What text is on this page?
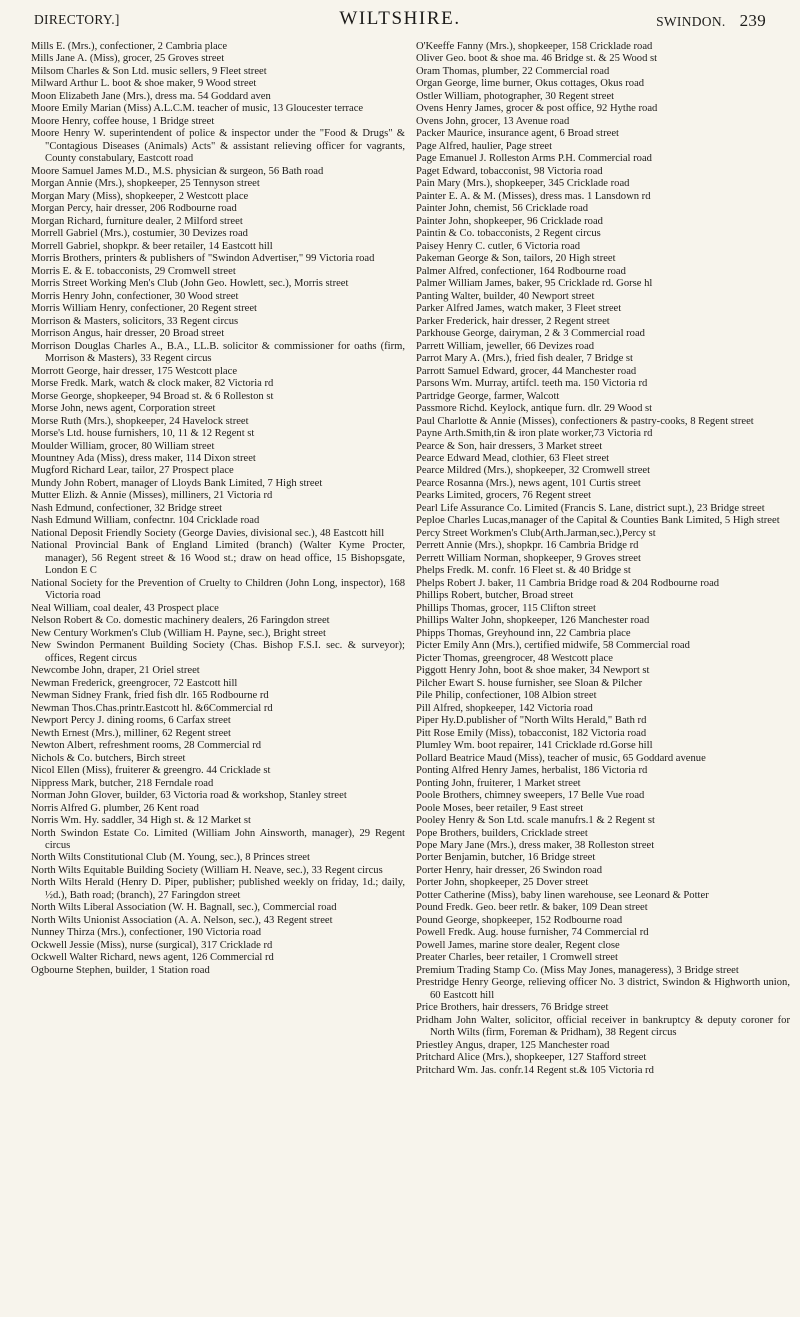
DIRECTORY.]	WILTSHIRE.	SWINDON. 239
Mills E. (Mrs.), confectioner, 2 Cambria place
Mills Jane A. (Miss), grocer, 25 Groves street
Milsom Charles & Son Ltd. music sellers, 9 Fleet street
Milward Arthur L. boot & shoe maker, 9 Wood street
Moon Elizabeth Jane (Mrs.), dress ma. 54 Goddard aven
Moore Emily Marian (Miss) A.L.C.M. teacher of music, 13 Gloucester terrace
Moore Henry, coffee house, 1 Bridge street
Moore Henry W. superintendent of police & inspector under the "Food & Drugs" & "Contagious Diseases (Animals) Acts" & assistant relieving officer for vagrants, County constabulary, Eastcott road
Moore Samuel James M.D., M.S. physician & surgeon, 56 Bath road
Morgan Annie (Mrs.), shopkeeper, 25 Tennyson street
Morgan Mary (Miss), shopkeeper, 2 Westcott place
Morgan Percy, hair dresser, 206 Rodbourne road
Morgan Richard, furniture dealer, 2 Milford street
Morrell Gabriel (Mrs.), costumier, 30 Devizes road
Morrell Gabriel, shopkpr. & beer retailer, 14 Eastcott hill
Morris Brothers, printers & publishers of "Swindon Advertiser," 99 Victoria road
Morris E. & E. tobacconists, 29 Cromwell street
Morris Street Working Men's Club (John Geo. Howlett, sec.), Morris street
Morris Henry John, confectioner, 30 Wood street
Morris William Henry, confectioner, 20 Regent street
Morrison & Masters, solicitors, 33 Regent circus
Morrison Angus, hair dresser, 20 Broad street
Morrison Douglas Charles A., B.A., LL.B. solicitor & commissioner for oaths (firm, Morrison & Masters), 33 Regent circus
Morrott George, hair dresser, 175 Westcott place
Morse Fredk. Mark, watch & clock maker, 82 Victoria rd
Morse George, shopkeeper, 94 Broad st. & 6 Rolleston st
Morse John, news agent, Corporation street
Morse Ruth (Mrs.), shopkeeper, 24 Havelock street
Morse's Ltd. house furnishers, 10, 11 & 12 Regent st
Moulder William, grocer, 80 William street
Mountney Ada (Miss), dress maker, 114 Dixon street
Mugford Richard Lear, tailor, 27 Prospect place
Mundy John Robert, manager of Lloyds Bank Limited, 7 High street
Mutter Elizh. & Annie (Misses), milliners, 21 Victoria rd
Nash Edmund, confectioner, 32 Bridge street
Nash Edmund William, confectnr. 104 Cricklade road
National Deposit Friendly Society (George Davies, divisional sec.), 48 Eastcott hill
National Provincial Bank of England Limited (branch) (Walter Kyme Procter, manager), 56 Regent street & 16 Wood st.; draw on head office, 15 Bishopsgate, London E C
National Society for the Prevention of Cruelty to Children (John Long, inspector), 168 Victoria road
Neal William, coal dealer, 43 Prospect place
Nelson Robert & Co. domestic machinery dealers, 26 Faringdon street
New Century Workmen's Club (William H. Payne, sec.), Bright street
New Swindon Permanent Building Society (Chas. Bishop F.S.I. sec. & surveyor); offices, Regent circus
Newcombe John, draper, 21 Oriel street
Newman Frederick, greengrocer, 72 Eastcott hill
Newman Sidney Frank, fried fish dlr. 165 Rodbourne rd
Newman Thos.Chas.printr.Eastcott hl. &6Commercial rd
Newport Percy J. dining rooms, 6 Carfax street
Newth Ernest (Mrs.), milliner, 62 Regent street
Newton Albert, refreshment rooms, 28 Commercial rd
Nichols & Co. butchers, Birch street
Nicol Ellen (Miss), fruiterer & greengro. 44 Cricklade st
Nippress Mark, butcher, 218 Ferndale road
Norman John Glover, builder, 63 Victoria road & workshop, Stanley street
Norris Alfred G. plumber, 26 Kent road
Norris Wm. Hy. saddler, 34 High st. & 12 Market st
North Swindon Estate Co. Limited (William John Ainsworth, manager), 29 Regent circus
North Wilts Constitutional Club (M. Young, sec.), 8 Princes street
North Wilts Equitable Building Society (William H. Neave, sec.), 33 Regent circus
North Wilts Herald (Henry D. Piper, publisher; published weekly on friday, 1d.; daily, ½d.), Bath road; (branch), 27 Faringdon street
North Wilts Liberal Association (W. H. Bagnall, sec.), Commercial road
North Wilts Unionist Association (A. A. Nelson, sec.), 43 Regent street
Nunney Thirza (Mrs.), confectioner, 190 Victoria road
Ockwell Jessie (Miss), nurse (surgical), 317 Cricklade rd
Ockwell Walter Richard, news agent, 126 Commercial rd
Ogbourne Stephen, builder, 1 Station road
O'Keeffe Fanny (Mrs.), shopkeeper, 158 Cricklade road
Oliver Geo. boot & shoe ma. 46 Bridge st. & 25 Wood st
Oram Thomas, plumber, 22 Commercial road
Organ George, lime burner, Okus cottages, Okus road
Ostler William, photographer, 30 Regent street
Ovens Henry James, grocer & post office, 92 Hythe road
Ovens John, grocer, 13 Avenue road
Packer Maurice, insurance agent, 6 Broad street
Page Alfred, haulier, Page street
Page Emanuel J. Rolleston Arms P.H. Commercial road
Paget Edward, tobacconist, 98 Victoria road
Pain Mary (Mrs.), shopkeeper, 345 Cricklade road
Painter E. A. & M. (Misses), dress mas. 1 Lansdown rd
Painter John, chemist, 56 Cricklade road
Painter John, shopkeeper, 96 Cricklade road
Paintin & Co. tobacconists, 2 Regent circus
Paisey Henry C. cutler, 6 Victoria road
Pakeman George & Son, tailors, 20 High street
Palmer Alfred, confectioner, 164 Rodbourne road
Palmer William James, baker, 95 Cricklade rd. Gorse hl
Panting Walter, builder, 40 Newport street
Parker Alfred James, watch maker, 3 Fleet street
Parker Frederick, hair dresser, 2 Regent street
Parkhouse George, dairyman, 2 & 3 Commercial road
Parrett William, jeweller, 66 Devizes road
Parrot Mary A. (Mrs.), fried fish dealer, 7 Bridge st
Parrott Samuel Edward, grocer, 44 Manchester road
Parsons Wm. Murray, artifcl. teeth ma. 150 Victoria rd
Partridge George, farmer, Walcott
Passmore Richd. Keylock, antique furn. dlr. 29 Wood st
Paul Charlotte & Annie (Misses), confectioners & pastry-cooks, 8 Regent street
Payne Arth.Smith,tin & iron plate worker,73 Victoria rd
Pearce & Son, hair dressers, 3 Market street
Pearce Edward Mead, clothier, 63 Fleet street
Pearce Mildred (Mrs.), shopkeeper, 32 Cromwell street
Pearce Rosanna (Mrs.), news agent, 101 Curtis street
Pearks Limited, grocers, 76 Regent street
Pearl Life Assurance Co. Limited (Francis S. Lane, district supt.), 23 Bridge street
Peploe Charles Lucas,manager of the Capital & Counties Bank Limited, 5 High street
Percy Street Workmen's Club(Arth.Jarman,sec.),Percy st
Perrett Annie (Mrs.), shopkpr. 16 Cambria Bridge rd
Perrett William Norman, shopkeeper, 9 Groves street
Phelps Fredk. M. confr. 16 Fleet st. & 40 Bridge st
Phelps Robert J. baker, 11 Cambria Bridge road & 204 Rodbourne road
Phillips Robert, butcher, Broad street
Phillips Thomas, grocer, 115 Clifton street
Phillips Walter John, shopkeeper, 126 Manchester road
Phipps Thomas, Greyhound inn, 22 Cambria place
Picter Emily Ann (Mrs.), certified midwife, 58 Commercial road
Picter Thomas, greengrocer, 48 Westcott place
Piggott Henry John, boot & shoe maker, 34 Newport st
Pilcher Ewart S. house furnisher, see Sloan & Pilcher
Pile Philip, confectioner, 108 Albion street
Pill Alfred, shopkeeper, 142 Victoria road
Piper Hy.D.publisher of "North Wilts Herald," Bath rd
Pitt Rose Emily (Miss), tobacconist, 182 Victoria road
Plumley Wm. boot repairer, 141 Cricklade rd.Gorse hill
Pollard Beatrice Maud (Miss), teacher of music, 65 Goddard avenue
Ponting Alfred Henry James, herbalist, 186 Victoria rd
Ponting John, fruiterer, 1 Market street
Poole Brothers, chimney sweepers, 17 Belle Vue road
Poole Moses, beer retailer, 9 East street
Pooley Henry & Son Ltd. scale manufrs.1 & 2 Regent st
Pope Brothers, builders, Cricklade street
Pope Mary Jane (Mrs.), dress maker, 38 Rolleston street
Porter Benjamin, butcher, 16 Bridge street
Porter Henry, hair dresser, 26 Swindon road
Porter John, shopkeeper, 25 Dover street
Potter Catherine (Miss), baby linen warehouse, see Leonard & Potter
Pound Fredk. Geo. beer retlr. & baker, 109 Dean street
Pound George, shopkeeper, 152 Rodbourne road
Powell Fredk. Aug. house furnisher, 74 Commercial rd
Powell James, marine store dealer, Regent close
Preater Charles, beer retailer, 1 Cromwell street
Premium Trading Stamp Co. (Miss May Jones, manageress), 3 Bridge street
Prestridge Henry George, relieving officer No. 3 district, Swindon & Highworth union, 60 Eastcott hill
Price Brothers, hair dressers, 76 Bridge street
Pridham John Walter, solicitor, official receiver in bankruptcy & deputy coroner for North Wilts (firm, Foreman & Pridham), 38 Regent circus
Priestley Angus, draper, 125 Manchester road
Pritchard Alice (Mrs.), shopkeeper, 127 Stafford street
Pritchard Wm. Jas. confr.14 Regent st.& 105 Victoria rd
